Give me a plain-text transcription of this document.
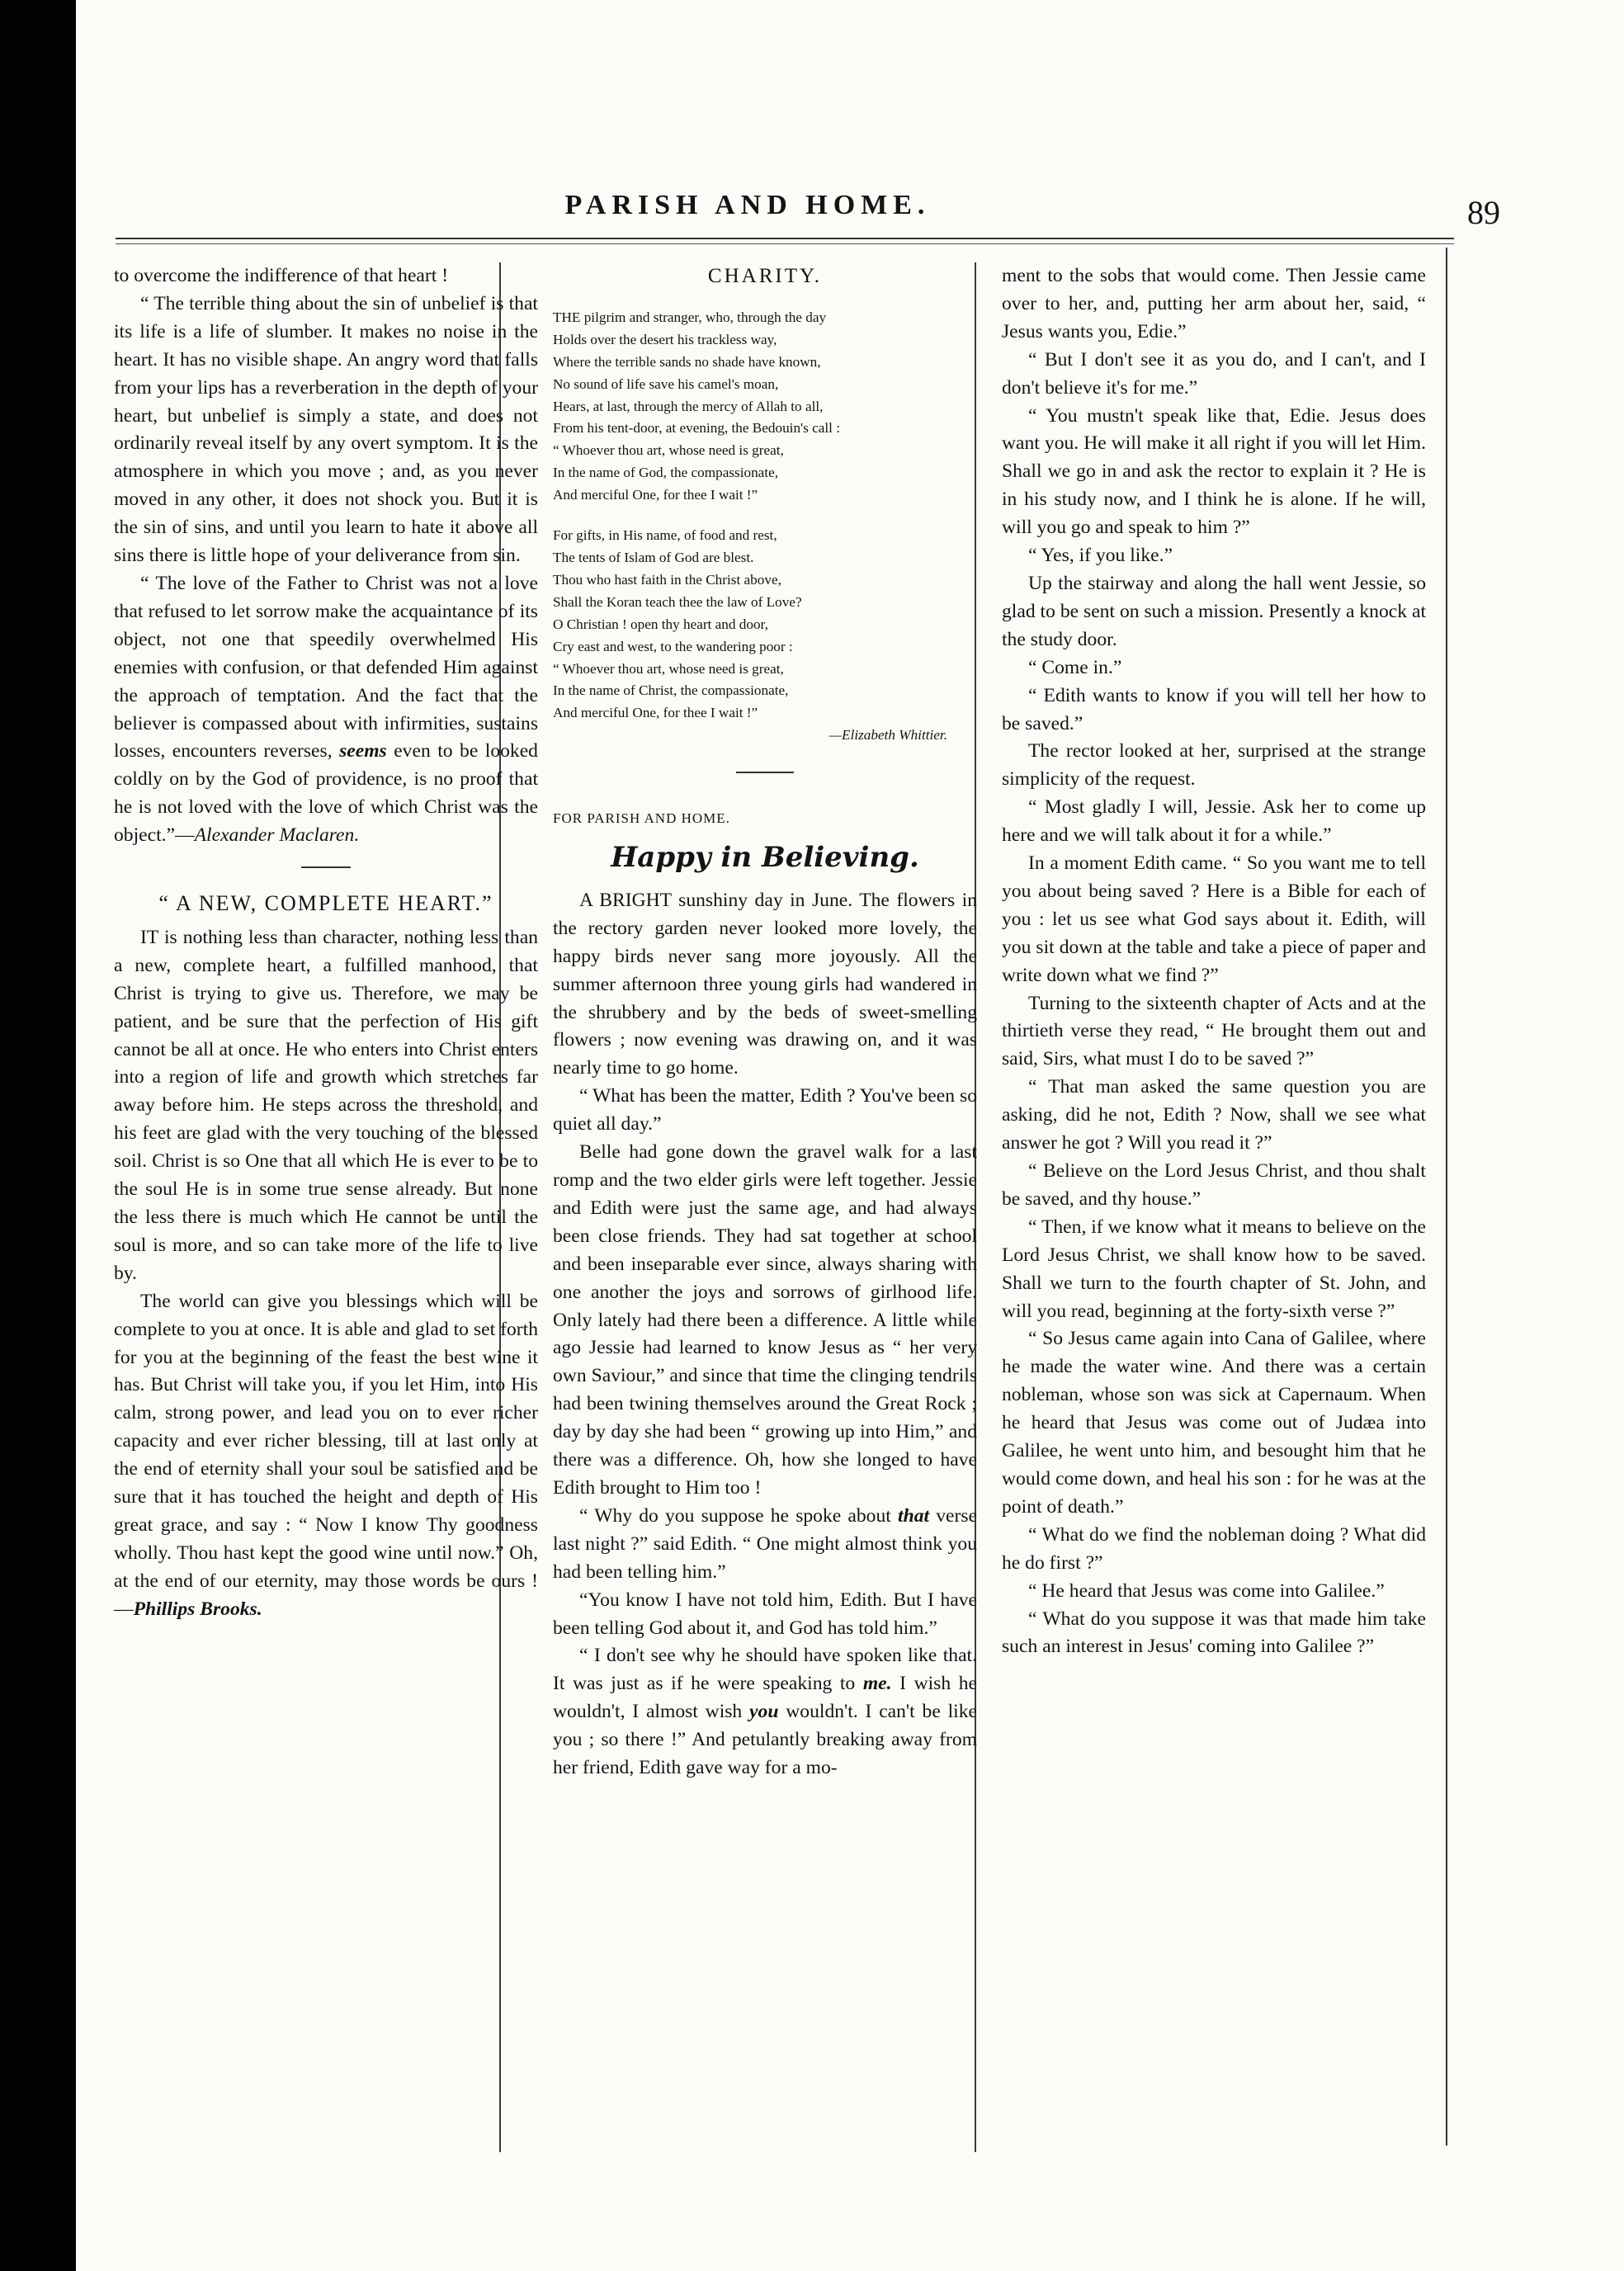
PARISH AND HOME.	89

to overcome the indifference of that heart !

“ The terrible thing about the sin of unbelief is that its life is a life of slumber. It makes no noise in the heart. It has no visible shape. An angry word that falls from your lips has a reverberation in the depth of your heart, but unbelief is simply a state, and does not ordinarily reveal itself by any overt symptom. It is the atmosphere in which you move ; and, as you never moved in any other, it does not shock you. But it is the sin of sins, and until you learn to hate it above all sins there is little hope of your deliverance from sin.

“ The love of the Father to Christ was not a love that refused to let sorrow make the acquaintance of its object, not one that speedily overwhelmed His enemies with confusion, or that defended Him against the approach of temptation. And the fact that the believer is compassed about with infirmities, sustains losses, encounters reverses, seems even to be looked coldly on by the God of providence, is no proof that he is not loved with the love of which Christ was the object.”—Alexander Maclaren.

“ A NEW, COMPLETE HEART.”

IT is nothing less than character, nothing less than a new, complete heart, a fulfilled manhood, that Christ is trying to give us. Therefore, we may be patient, and be sure that the perfection of His gift cannot be all at once. He who enters into Christ enters into a region of life and growth which stretches far away before him. He steps across the threshold, and his feet are glad with the very touching of the blessed soil. Christ is so One that all which He is ever to be to the soul He is in some true sense already. But none the less there is much which He cannot be until the soul is more, and so can take more of the life to live by.

The world can give you blessings which will be complete to you at once. It is able and glad to set forth for you at the beginning of the feast the best wine it has. But Christ will take you, if you let Him, into His calm, strong power, and lead you on to ever richer capacity and ever richer blessing, till at last only at the end of eternity shall your soul be satisfied and be sure that it has touched the height and depth of His great grace, and say : “ Now I know Thy goodness wholly. Thou hast kept the good wine until now.” Oh, at the end of our eternity, may those words be ours !—Phillips Brooks.

CHARITY.

THE pilgrim and stranger, who, through the day

Holds over the desert his trackless way,

Where the terrible sands no shade have known,

No sound of life save his camel's moan,

Hears, at last, through the mercy of Allah to all,

From his tent-door, at evening, the Bedouin's call :

“ Whoever thou art, whose need is great,

In the name of God, the compassionate,

And merciful One, for thee I wait !”

For gifts, in His name, of food and rest,

The tents of Islam of God are blest.

Thou who hast faith in the Christ above,

Shall the Koran teach thee the law of Love?

O Christian ! open thy heart and door,

Cry east and west, to the wandering poor :

“ Whoever thou art, whose need is great,

In the name of Christ, the compassionate,

And merciful One, for thee I wait !”

—Elizabeth Whittier.

FOR PARISH AND HOME.
Happy in Believing.

A BRIGHT sunshiny day in June. The flowers in the rectory garden never looked more lovely, the happy birds never sang more joyously. All the summer afternoon three young girls had wandered in the shrubbery and by the beds of sweet-smelling flowers ; now evening was drawing on, and it was nearly time to go home.

“ What has been the matter, Edith ? You've been so quiet all day.”

Belle had gone down the gravel walk for a last romp and the two elder girls were left together. Jessie and Edith were just the same age, and had always been close friends. They had sat together at school and been inseparable ever since, always sharing with one another the joys and sorrows of girlhood life. Only lately had there been a difference. A little while ago Jessie had learned to know Jesus as “ her very own Saviour,” and since that time the clinging tendrils had been twining themselves around the Great Rock ; day by day she had been “ growing up into Him,” and there was a difference. Oh, how she longed to have Edith brought to Him too !

“ Why do you suppose he spoke about that verse last night ?” said Edith. “ One might almost think you had been telling him.”

“You know I have not told him, Edith. But I have been telling God about it, and God has told him.”

“ I don't see why he should have spoken like that. It was just as if he were speaking to me. I wish he wouldn't, I almost wish you wouldn't. I can't be like you ; so there !” And petulantly breaking away from her friend, Edith gave way for a mo-

ment to the sobs that would come. Then Jessie came over to her, and, putting her arm about her, said, “ Jesus wants you, Edie.”

“ But I don't see it as you do, and I can't, and I don't believe it's for me.”

“ You mustn't speak like that, Edie. Jesus does want you. He will make it all right if you will let Him. Shall we go in and ask the rector to explain it ? He is in his study now, and I think he is alone. If he will, will you go and speak to him ?”

“ Yes, if you like.”

Up the stairway and along the hall went Jessie, so glad to be sent on such a mission. Presently a knock at the study door.

“ Come in.”

“ Edith wants to know if you will tell her how to be saved.”

The rector looked at her, surprised at the strange simplicity of the request.

“ Most gladly I will, Jessie. Ask her to come up here and we will talk about it for a while.”

In a moment Edith came. “ So you want me to tell you about being saved ? Here is a Bible for each of you : let us see what God says about it. Edith, will you sit down at the table and take a piece of paper and write down what we find ?”

Turning to the sixteenth chapter of Acts and at the thirtieth verse they read, “ He brought them out and said, Sirs, what must I do to be saved ?”

“ That man asked the same question you are asking, did he not, Edith ? Now, shall we see what answer he got ? Will you read it ?”

“ Believe on the Lord Jesus Christ, and thou shalt be saved, and thy house.”

“ Then, if we know what it means to believe on the Lord Jesus Christ, we shall know how to be saved. Shall we turn to the fourth chapter of St. John, and will you read, beginning at the forty-sixth verse ?”

“ So Jesus came again into Cana of Galilee, where he made the water wine. And there was a certain nobleman, whose son was sick at Capernaum. When he heard that Jesus was come out of Judæa into Galilee, he went unto him, and besought him that he would come down, and heal his son : for he was at the point of death.”

“ What do we find the nobleman doing ? What did he do first ?”

“ He heard that Jesus was come into Galilee.”

“ What do you suppose it was that made him take such an interest in Jesus' coming into Galilee ?”
